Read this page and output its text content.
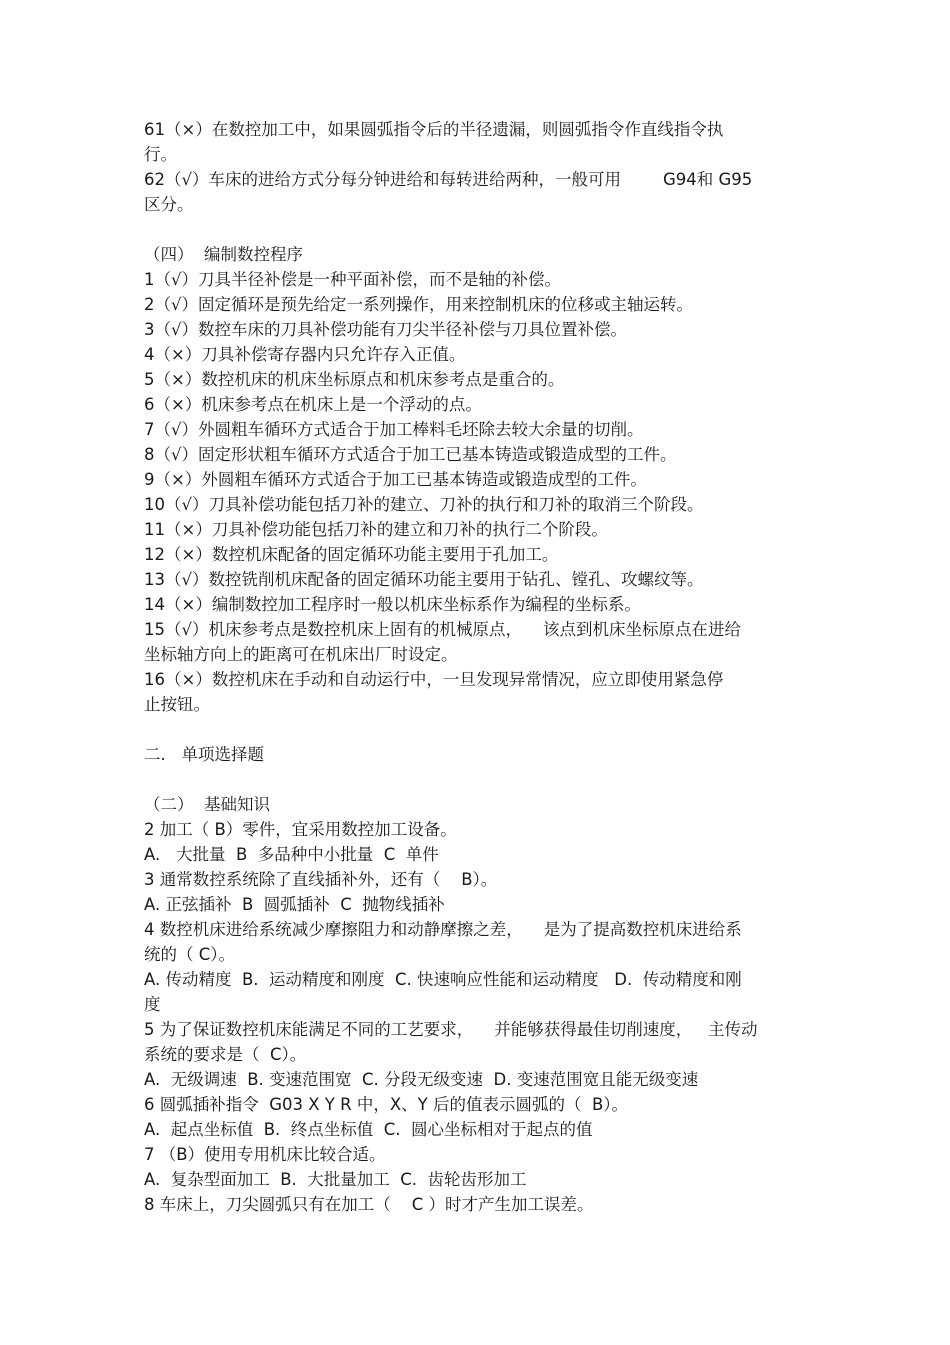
61（×）在数控加工中，如果圆弧指令后的半径遗漏，则圆弧指令作直线指令执
行。
62（√）车床的进给方式分每分钟进给和每转进给两种，一般可用        G94和 G95
区分。
（四）  编制数控程序
1（√）刀具半径补偿是一种平面补偿，而不是轴的补偿。
2（√）固定循环是预先给定一系列操作，用来控制机床的位移或主轴运转。
3（√）数控车床的刀具补偿功能有刀尖半径补偿与刀具位置补偿。
4（×）刀具补偿寄存器内只允许存入正值。
5（×）数控机床的机床坐标原点和机床参考点是重合的。
6（×）机床参考点在机床上是一个浮动的点。
7（√）外圆粗车循环方式适合于加工棒料毛坯除去较大余量的切削。
8（√）固定形状粗车循环方式适合于加工已基本铸造或锻造成型的工件。
9（×）外圆粗车循环方式适合于加工已基本铸造或锻造成型的工件。
10（√）刀具补偿功能包括刀补的建立、刀补的执行和刀补的取消三个阶段。
11（×）刀具补偿功能包括刀补的建立和刀补的执行二个阶段。
12（×）数控机床配备的固定循环功能主要用于孔加工。
13（√）数控铣削机床配备的固定循环功能主要用于钻孔、镗孔、攻螺纹等。
14（×）编制数控加工程序时一般以机床坐标系作为编程的坐标系。
15（√）机床参考点是数控机床上固有的机械原点，    该点到机床坐标原点在进给
坐标轴方向上的距离可在机床出厂时设定。
16（×）数控机床在手动和自动运行中，一旦发现异常情况，应立即使用紧急停
止按钮。
二.   单项选择题
（二）  基础知识
2 加工（ B）零件，宜采用数控加工设备。
A.   大批量  B  多品种中小批量  C  单件
3 通常数控系统除了直线插补外，还有（    B）。
A. 正弦插补  B  圆弧插补  C  抛物线插补
4 数控机床进给系统减少摩擦阻力和动静摩擦之差，    是为了提高数控机床进给系
统的（ C）。
A. 传动精度  B.  运动精度和刚度  C. 快速响应性能和运动精度   D.  传动精度和刚
度
5 为了保证数控机床能满足不同的工艺要求，    并能够获得最佳切削速度，   主传动
系统的要求是（  C）。
A.  无级调速  B. 变速范围宽  C. 分段无级变速  D. 变速范围宽且能无级变速
6 圆弧插补指令  G03 X Y R 中，X、Y 后的值表示圆弧的（  B）。
A.  起点坐标值  B.  终点坐标值  C.  圆心坐标相对于起点的值
7 （B）使用专用机床比较合适。
A.  复杂型面加工  B.  大批量加工  C.  齿轮齿形加工
8 车床上，刀尖圆弧只有在加工（    C ）时才产生加工误差。
